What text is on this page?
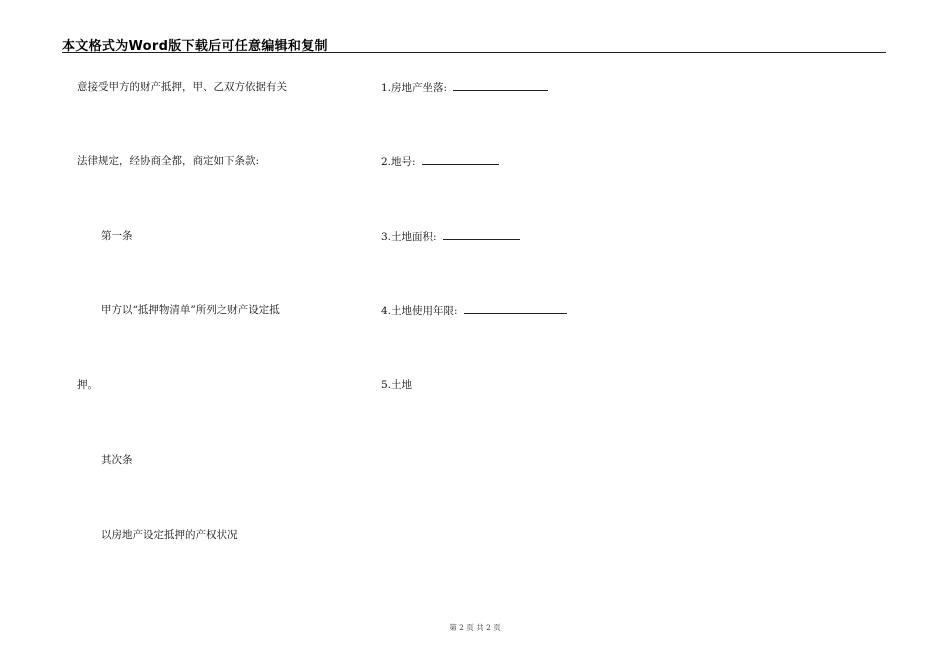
本文格式为Word版下载后可任意编辑和复制
意接受甲方的财产抵押，甲、乙双方依据有关
法律规定，经协商全都，商定如下条款:
第一条
甲方以“抵押物清单”所列之财产设定抵
押。
其次条
以房地产设定抵押的产权状况
1.房地产坐落:
2.地号:
3.土地面积:
4.土地使用年限:
5.土地
第 2 页 共 2 页
